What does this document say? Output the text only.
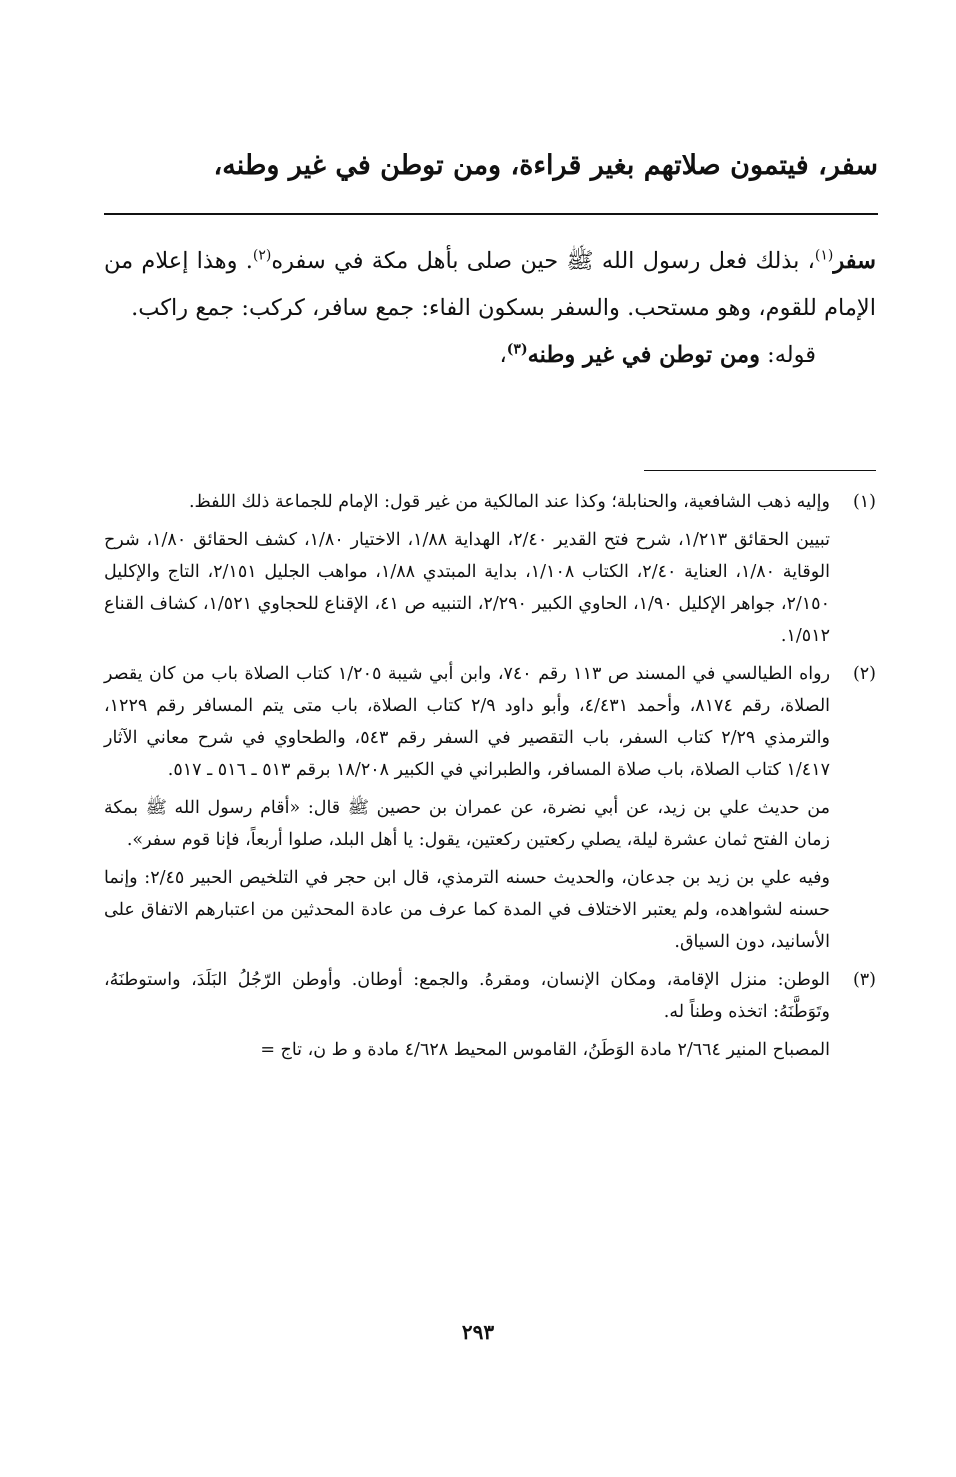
سفر، فيتمون صلاتهم بغير قراءة، ومن توطن في غير وطنه،

سفر$^{(١)}$، بذلك فعل رسول الله ﷺ حين صلى بأهل مكة في سفره$^{(٢)}$. وهذا إعلام من الإمام للقوم، وهو مستحب. والسفر بسكون الفاء: جمع سافر، كركب: جمع راكب.

قوله: ومن توطن في غير وطنه$^{(٣)}$،

(١)

وإليه ذهب الشافعية، والحنابلة؛ وكذا عند المالكية من غير قول: الإمام للجماعة ذلك اللفظ.

تبيين الحقائق ١/٢١٣، شرح فتح القدير ٢/٤٠، الهداية ١/٨٨، الاختيار ١/٨٠، كشف الحقائق ١/٨٠، شرح الوقاية ١/٨٠، العناية ٢/٤٠، الكتاب ١/١٠٨، بداية المبتدي ١/٨٨، مواهب الجليل ٢/١٥١، التاج والإكليل ٢/١٥٠، جواهر الإكليل ١/٩٠، الحاوي الكبير ٢/٢٩٠، التنبيه ص ٤١، الإقناع للحجاوي ١/٥٢١، كشاف القناع ١/٥١٢.

(٢)

رواه الطيالسي في المسند ص ١١٣ رقم ٧٤٠، وابن أبي شيبة ١/٢٠٥ كتاب الصلاة باب من كان يقصر الصلاة، رقم ٨١٧٤، وأحمد ٤/٤٣١، وأبو داود ٢/٩ كتاب الصلاة، باب متى يتم المسافر رقم ١٢٢٩، والترمذي ٢/٢٩ كتاب السفر، باب التقصير في السفر رقم ٥٤٣، والطحاوي في شرح معاني الآثار ١/٤١٧ كتاب الصلاة، باب صلاة المسافر، والطبراني في الكبير ١٨/٢٠٨ برقم ٥١٣ ـ ٥١٦ ـ ٥١٧.

من حديث علي بن زيد، عن أبي نضرة، عن عمران بن حصين ﷺ قال: «أقام رسول الله ﷺ بمكة زمان الفتح ثمان عشرة ليلة، يصلي ركعتين ركعتين، يقول: يا أهل البلد، صلوا أربعاً، فإنا قوم سفر».

وفيه علي بن زيد بن جدعان، والحديث حسنه الترمذي، قال ابن حجر في التلخيص الحبير ٢/٤٥: وإنما حسنه لشواهده، ولم يعتبر الاختلاف في المدة كما عرف من عادة المحدثين من اعتبارهم الاتفاق على الأسانيد، دون السياق.

(٣)

الوطن: منزل الإقامة، ومكان الإنسان، ومقرهُ. والجمع: أوطان. وأوطن الرّجُلُ البَلَدَ، واستوطنَهُ، وتَوَطَّنَهُ: اتخذه وطناً له.

المصباح المنير ٢/٦٦٤ مادة الوَطَنُ، القاموس المحيط ٤/٦٢٨ مادة و ط ن، تاج =

٢٩٣
